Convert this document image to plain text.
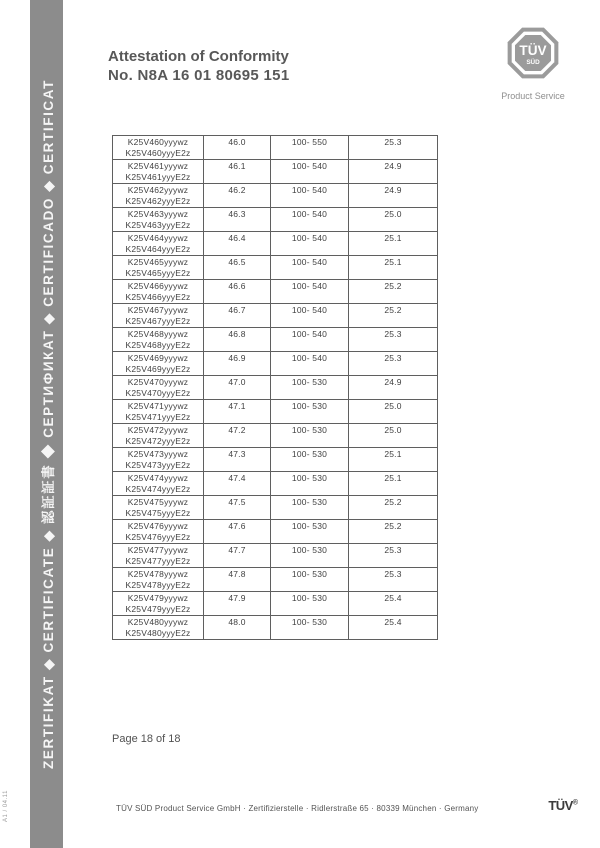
ZERTIFIKAT ◆ CERTIFICATE ◆ 認証証書 ◆ СЕРТИФИКАТ ◆ CERTIFICADO ◆ CERTIFICAT
A1 / 04.11
Attestation of Conformity
No. N8A 16 01 80695 151
TÜV
SÜD
Product Service
K25V460yyywz
K25V460yyyE2z	46.0	100- 550	25.3

K25V461yyywz
K25V461yyyE2z	46.1	100- 540	24.9

K25V462yyywz
K25V462yyyE2z	46.2	100- 540	24.9

K25V463yyywz
K25V463yyyE2z	46.3	100- 540	25.0

K25V464yyywz
K25V464yyyE2z	46.4	100- 540	25.1

K25V465yyywz
K25V465yyyE2z	46.5	100- 540	25.1

K25V466yyywz
K25V466yyyE2z	46.6	100- 540	25.2

K25V467yyywz
K25V467yyyE2z	46.7	100- 540	25.2

K25V468yyywz
K25V468yyyE2z	46.8	100- 540	25.3

K25V469yyywz
K25V469yyyE2z	46.9	100- 540	25.3

K25V470yyywz
K25V470yyyE2z	47.0	100- 530	24.9

K25V471yyywz
K25V471yyyE2z	47.1	100- 530	25.0

K25V472yyywz
K25V472yyyE2z	47.2	100- 530	25.0

K25V473yyywz
K25V473yyyE2z	47.3	100- 530	25.1

K25V474yyywz
K25V474yyyE2z	47.4	100- 530	25.1

K25V475yyywz
K25V475yyyE2z	47.5	100- 530	25.2

K25V476yyywz
K25V476yyyE2z	47.6	100- 530	25.2

K25V477yyywz
K25V477yyyE2z	47.7	100- 530	25.3

K25V478yyywz
K25V478yyyE2z	47.8	100- 530	25.3

K25V479yyywz
K25V479yyyE2z	47.9	100- 530	25.4

K25V480yyywz
K25V480yyyE2z	48.0	100- 530	25.4
Page 18 of 18
TÜV SÜD Product Service GmbH · Zertifizierstelle · Ridlerstraße 65 · 80339 München · Germany	TÜV®
